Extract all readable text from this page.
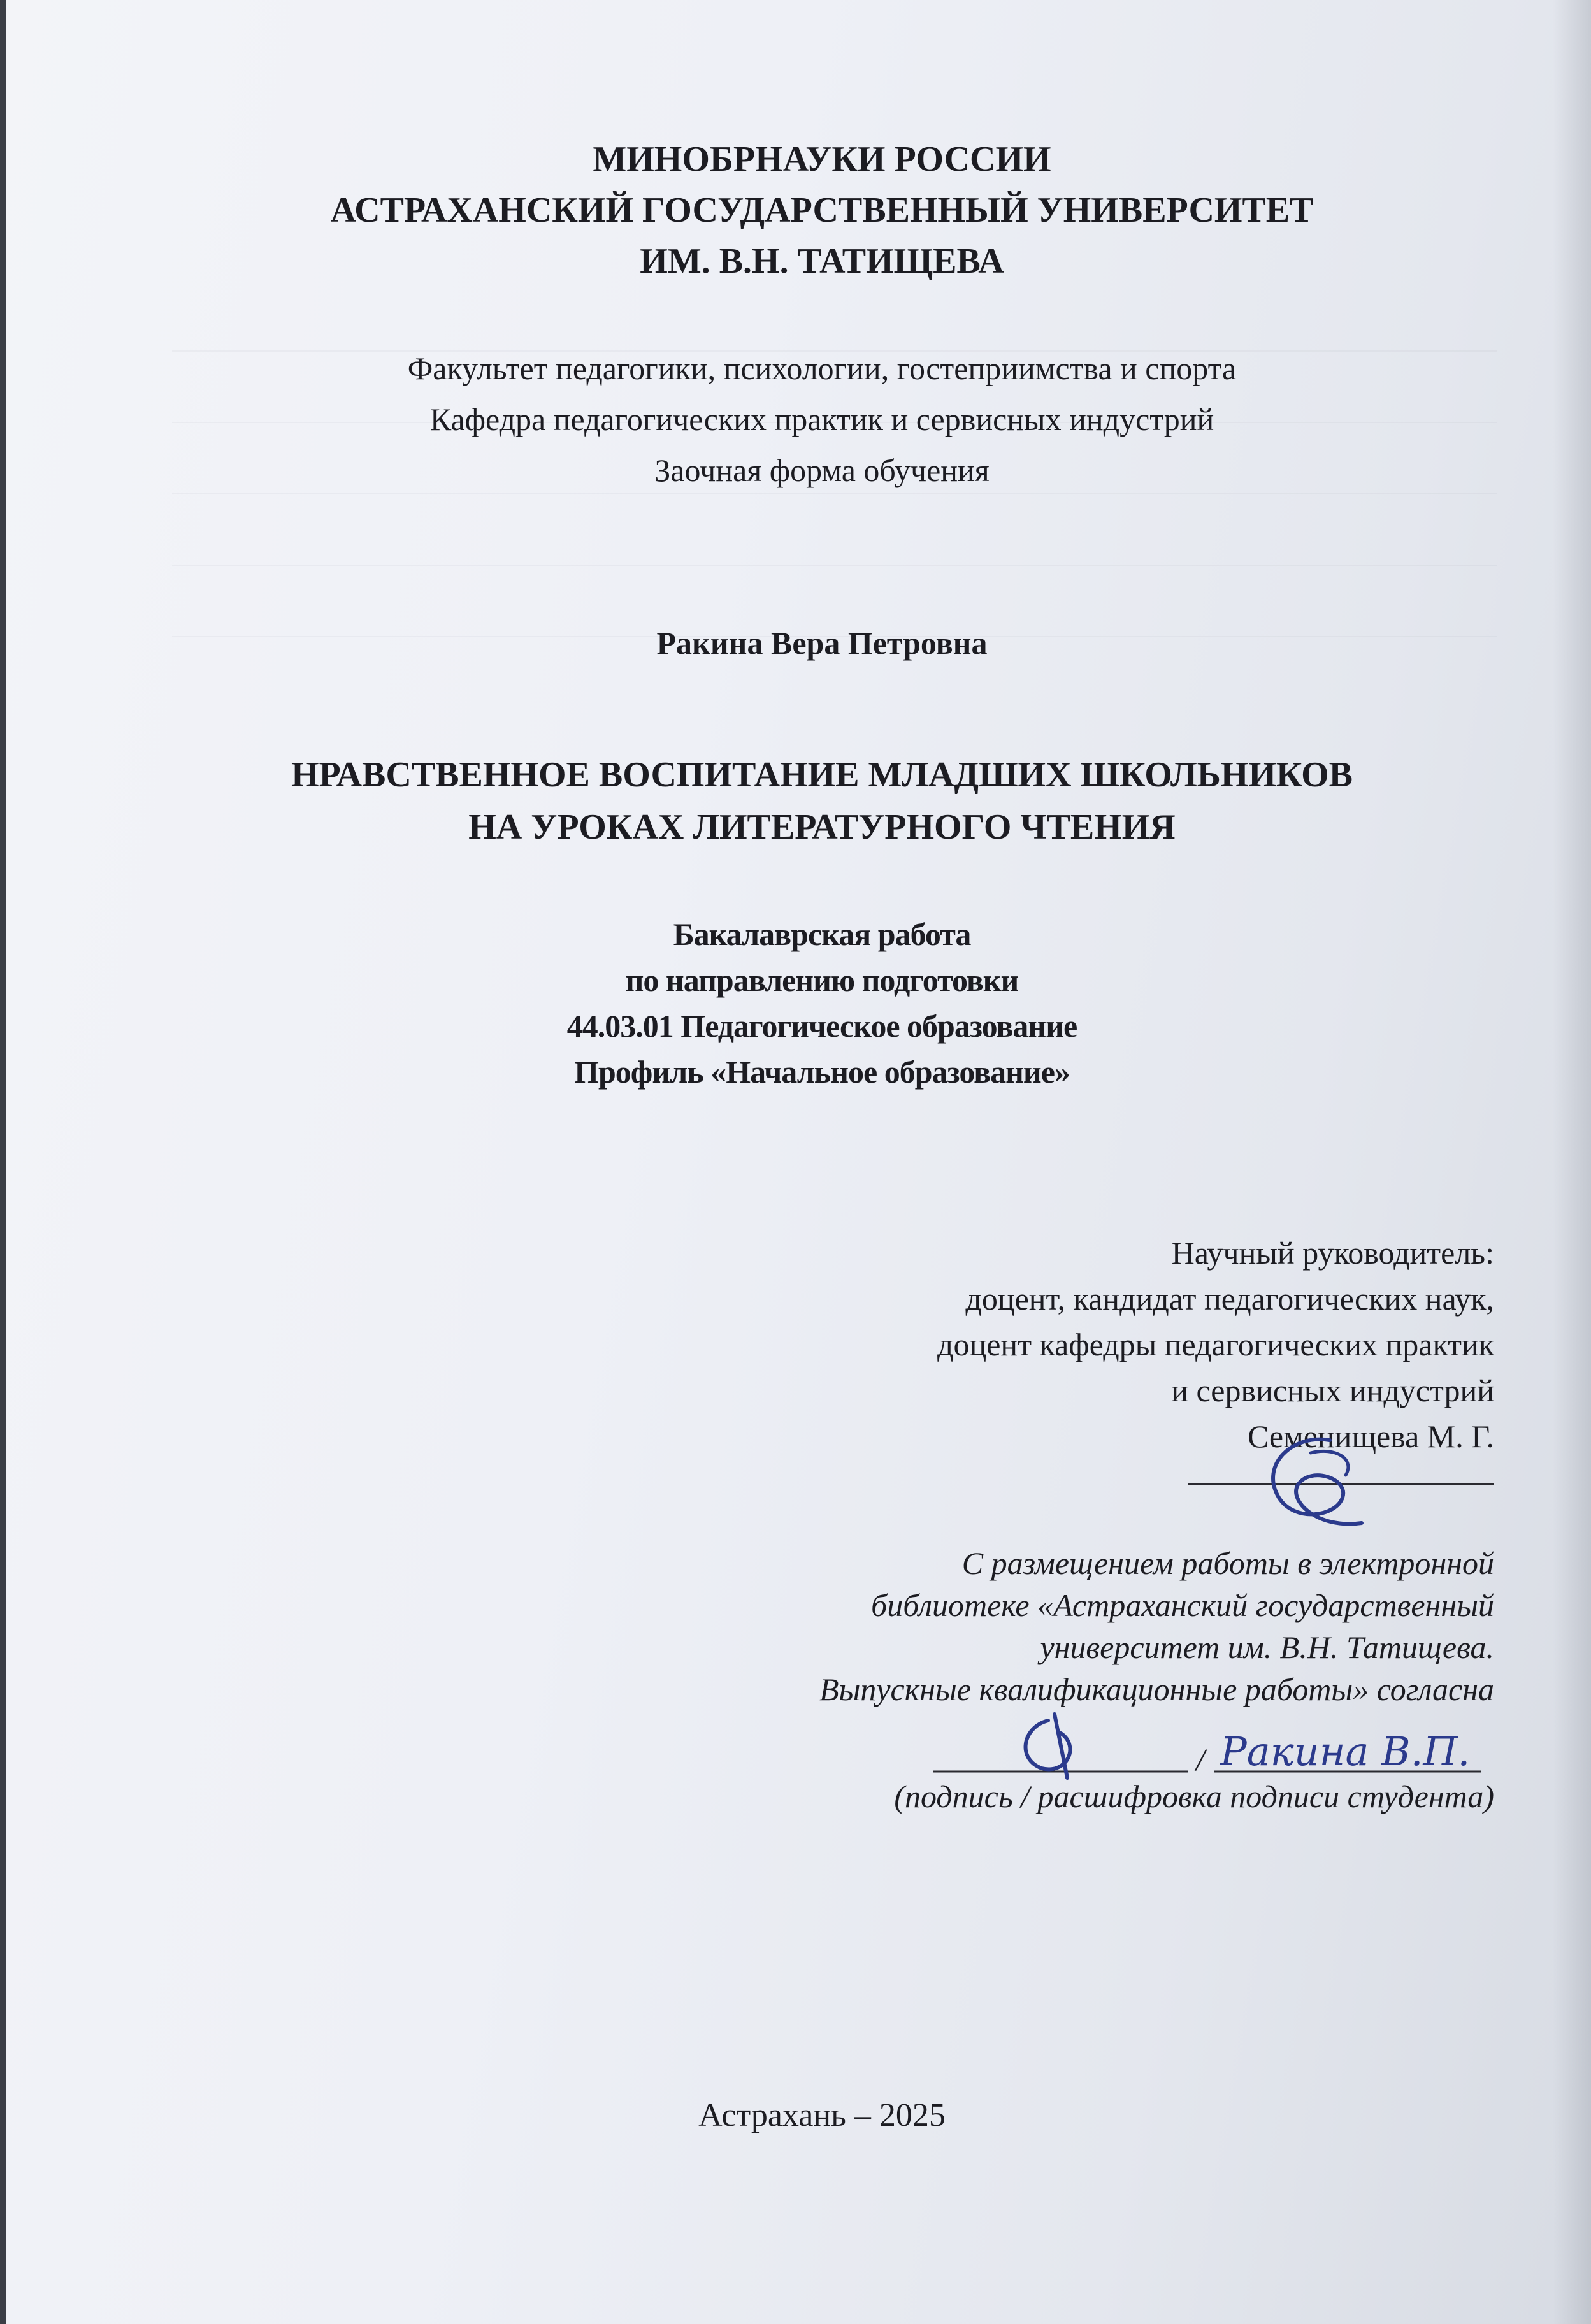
МИНОБРНАУКИ РОССИИ
АСТРАХАНСКИЙ ГОСУДАРСТВЕННЫЙ УНИВЕРСИТЕТ
ИМ. В.Н. ТАТИЩЕВА
Факультет педагогики, психологии, гостеприимства и спорта
Кафедра педагогических практик и сервисных индустрий
Заочная форма обучения
Ракина Вера Петровна
НРАВСТВЕННОЕ ВОСПИТАНИЕ МЛАДШИХ ШКОЛЬНИКОВ
НА УРОКАХ ЛИТЕРАТУРНОГО ЧТЕНИЯ
Бакалаврская работа
по направлению подготовки
44.03.01 Педагогическое образование
Профиль «Начальное образование»
Научный руководитель:
доцент, кандидат педагогических наук,
доцент кафедры педагогических практик
и сервисных индустрий
Семенищева М. Г.
С размещением работы в электронной
библиотеке «Астраханский государственный
университет им. В.Н. Татищева.
Выпускные квалификационные работы» согласна
/ Ракина В.П.
(подпись / расшифровка подписи студента)
Астрахань – 2025
